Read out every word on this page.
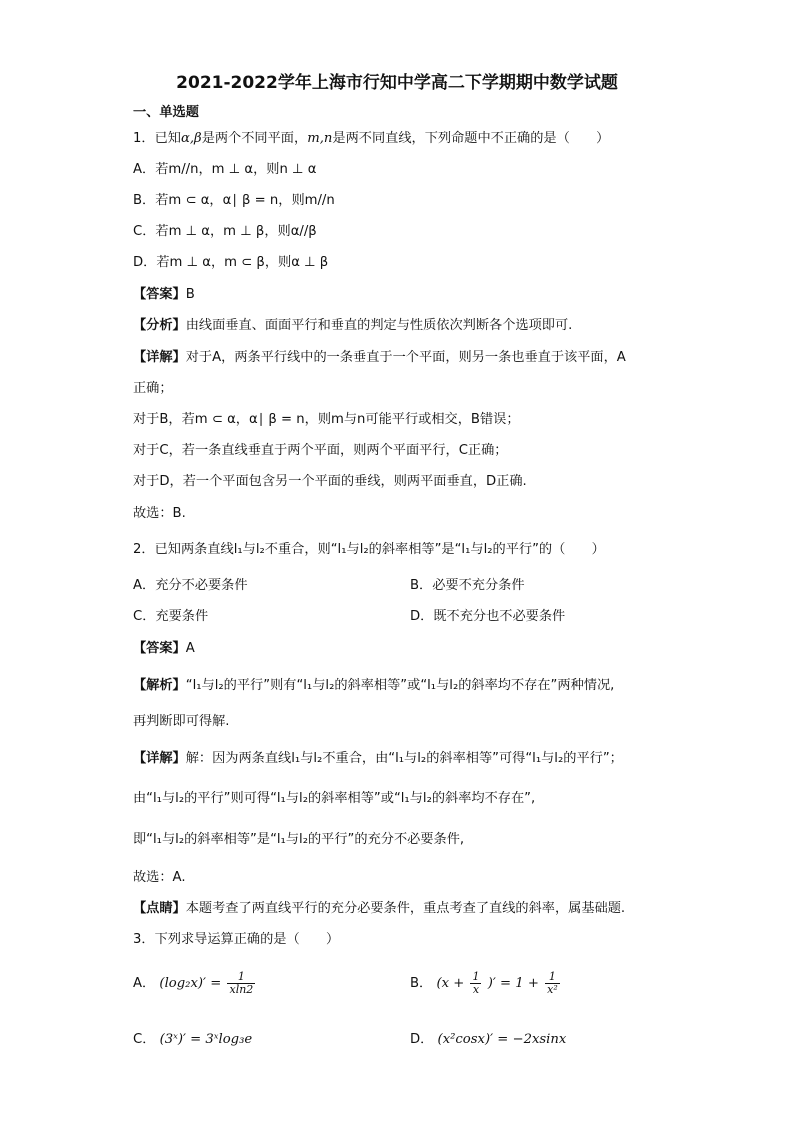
2021-2022学年上海市行知中学高二下学期期中数学试题
一、单选题
1．已知α,β是两个不同平面，m,n是两不同直线，下列命题中不正确的是（　　）
A．若m//n，m ⊥ α，则n ⊥ α
B．若m ⊂ α，α∣ β = n，则m//n
C．若m ⊥ α，m ⊥ β，则α//β
D．若m ⊥ α，m ⊂ β，则α ⊥ β
【答案】B
【分析】由线面垂直、面面平行和垂直的判定与性质依次判断各个选项即可.
【详解】对于A，两条平行线中的一条垂直于一个平面，则另一条也垂直于该平面，A
正确；
对于B，若m ⊂ α，α∣ β = n，则m与n可能平行或相交，B错误；
对于C，若一条直线垂直于两个平面，则两个平面平行，C正确；
对于D，若一个平面包含另一个平面的垂线，则两平面垂直，D正确.
故选：B.
2．已知两条直线l₁与l₂不重合，则“l₁与l₂的斜率相等”是“l₁与l₂的平行”的（　　）
A．充分不必要条件	B．必要不充分条件
C．充要条件	D．既不充分也不必要条件
【答案】A
【解析】“l₁与l₂的平行”则有“l₁与l₂的斜率相等”或“l₁与l₂的斜率均不存在”两种情况,
再判断即可得解.
【详解】解：因为两条直线l₁与l₂不重合，由“l₁与l₂的斜率相等”可得“l₁与l₂的平行”；
由“l₁与l₂的平行”则可得“l₁与l₂的斜率相等”或“l₁与l₂的斜率均不存在”,
即“l₁与l₂的斜率相等”是“l₁与l₂的平行”的充分不必要条件,
故选：A.
【点睛】本题考查了两直线平行的充分必要条件，重点考查了直线的斜率，属基础题.
3．下列求导运算正确的是（　　）
A． $(\log_2x)' = \frac{1}{xln2}$	B． ($x + \frac{1}{x}$ )′ = $1 + \frac{1}{\text{x²}}$
C． (3ˣ)′ = 3ˣlog₃e	D． (x²cosx)′ = −2xsinx
